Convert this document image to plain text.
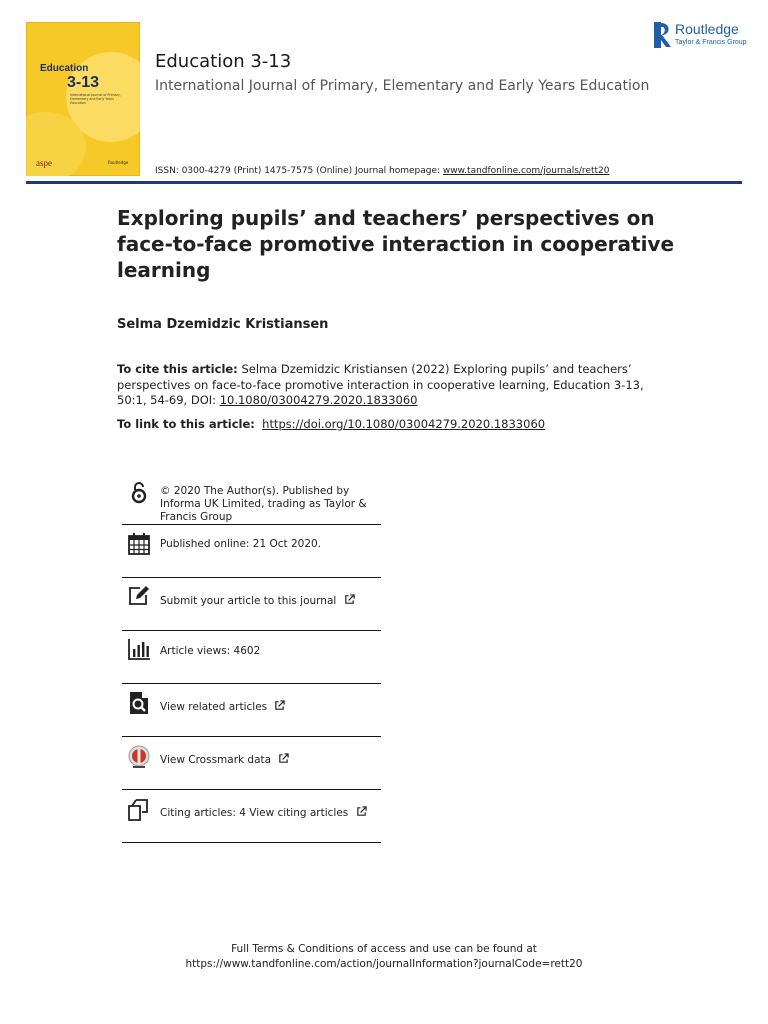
Education
3-13
International Journal of Primary, Elementary and Early Years Education
aspe	Routledge
Education 3-13
International Journal of Primary, Elementary and Early Years Education
ISSN: 0300-4279 (Print) 1475-7575 (Online) Journal homepage: www.tandfonline.com/journals/rett20
Routledge
Taylor & Francis Group
Exploring pupils’ and teachers’ perspectives on face-to-face promotive interaction in cooperative learning
Selma Dzemidzic Kristiansen
To cite this article: Selma Dzemidzic Kristiansen (2022) Exploring pupils’ and teachers’ perspectives on face-to-face promotive interaction in cooperative learning, Education 3-13, 50:1, 54-69, DOI: 10.1080/03004279.2020.1833060
To link to this article: https://doi.org/10.1080/03004279.2020.1833060
© 2020 The Author(s). Published by Informa UK Limited, trading as Taylor & Francis Group
Published online: 21 Oct 2020.
Submit your article to this journal
Article views: 4602
View related articles
View Crossmark data
Citing articles: 4 View citing articles
Full Terms & Conditions of access and use can be found at
https://www.tandfonline.com/action/journalInformation?journalCode=rett20
